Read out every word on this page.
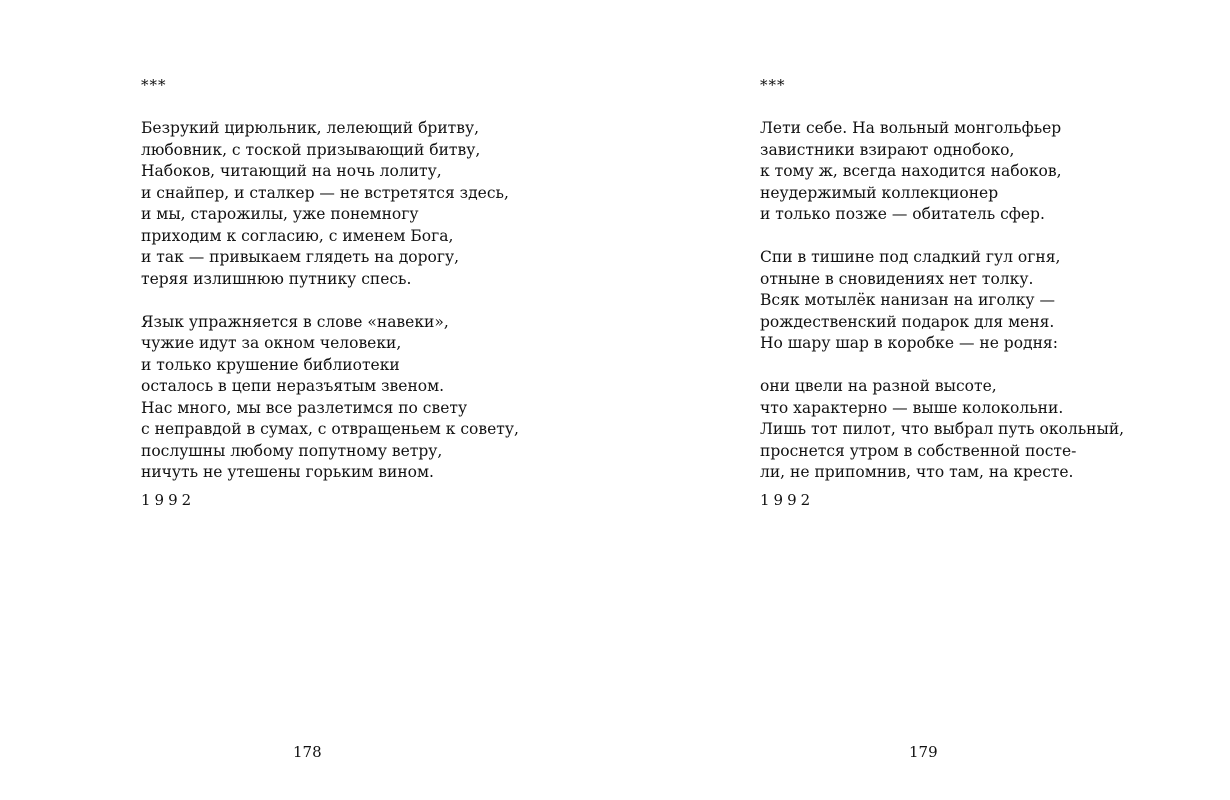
***
Безрукий цирюльник, лелеющий бритву,
любовник, с тоской призывающий битву,
Набоков, читающий на ночь лолиту,
и снайпер, и сталкер — не встретятся здесь,
и мы, старожилы, уже понемногу
приходим к согласию, с именем Бога,
и так — привыкаем глядеть на дорогу,
теряя излишнюю путнику спесь.
Язык упражняется в слове «навеки»,
чужие идут за окном человеки,
и только крушение библиотеки
осталось в цепи неразъятым звеном.
Нас много, мы все разлетимся по свету
с неправдой в сумах, с отвращеньем к совету,
послушны любому попутному ветру,
ничуть не утешены горьким вином.
1992
178
***
Лети себе. На вольный монгольфьер
завистники взирают однобоко,
к тому ж, всегда находится набоков,
неудержимый коллекционер
и только позже — обитатель сфер.
Спи в тишине под сладкий гул огня,
отныне в сновидениях нет толку.
Всяк мотылёк нанизан на иголку —
рождественский подарок для меня.
Но шару шар в коробке — не родня:
они цвели на разной высоте,
что характерно — выше колокольни.
Лишь тот пилот, что выбрал путь окольный,
проснется утром в собственной посте-
ли, не припомнив, что там, на кресте.
1992
179
